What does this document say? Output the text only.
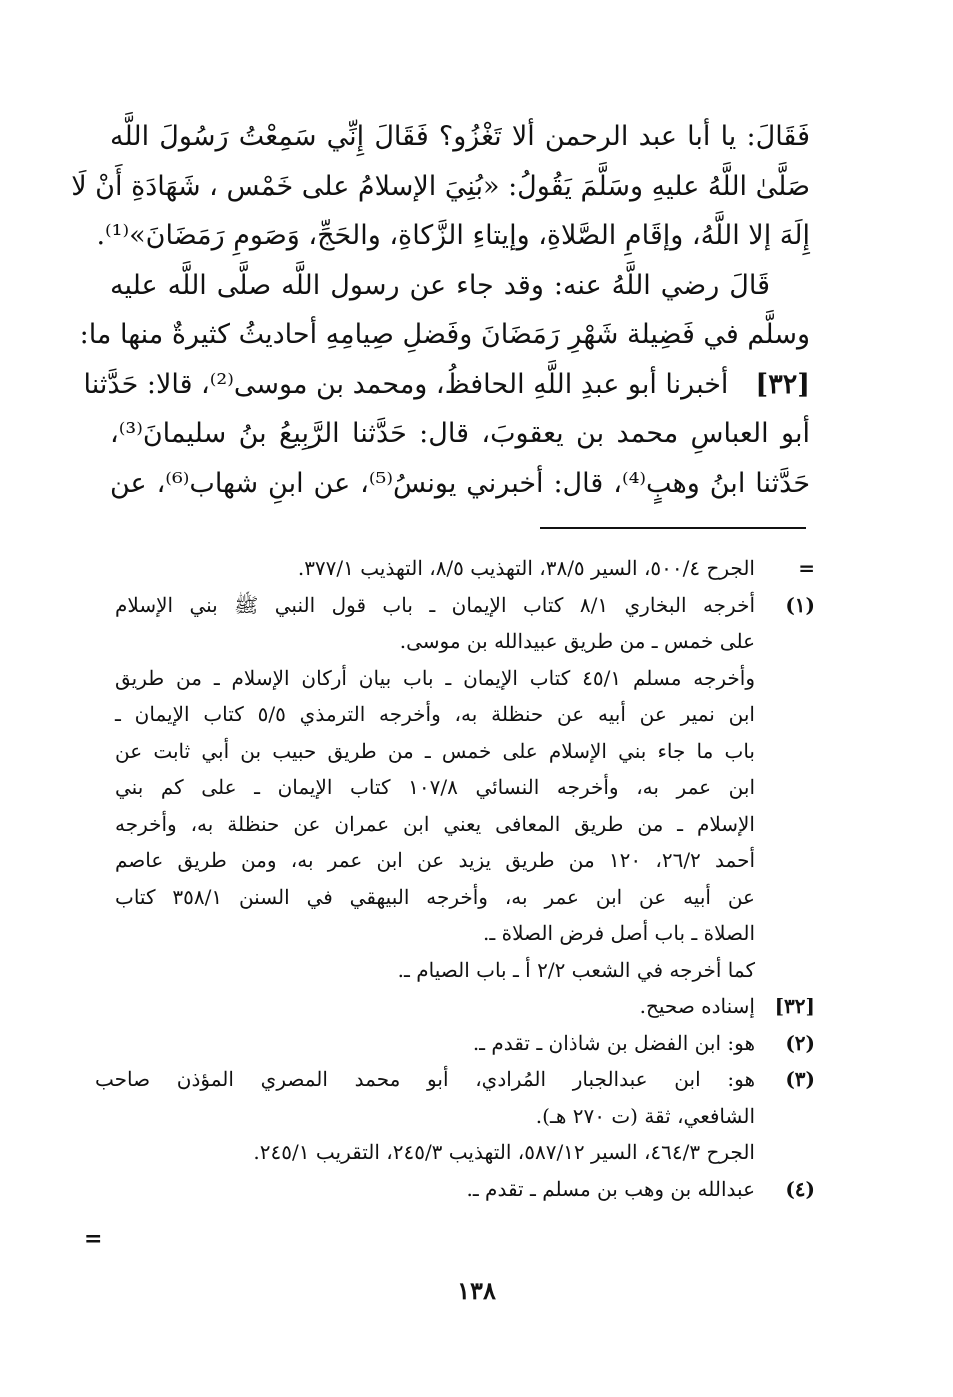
فَقَالَ: يا أبا عبد الرحمن ألا تَغْزُو؟ فَقَالَ إِنِّي سَمِعْتُ رَسُولَ اللَّه
صَلَّىٰ اللَّهُ عليهِ وسَلَّمَ يَقُولُ: «بُنِيَ الإسلامُ على خَمْس ، شَهَادَةِ أَنْ لَا
إِلَهَ إلا اللَّهُ، وإقَامِ الصَّلاةِ، وإيتاءِ الزَّكاةِ، والحَجِّ، وَصَومِ رَمَضَانَ»⁽¹⁾.
قَالَ رضي اللَّهُ عنه: وقد جاء عن رسول اللَّه صلَّى اللَّه عليه
وسلَّم في فَضِيلة شَهْرِ رَمَضَانَ وفَضلِ صِيامِهِ أحاديثُ كثيرةٌ منها ما:
[٣٢] أخبرنا أبو عبدِ اللَّهِ الحافظُ، ومحمد بن موسى⁽²⁾، قالا: حَدَّثنا
أبو العباسِ محمد بن يعقوبَ، قال: حَدَّثنا الرَّبِيعُ بنُ سليمانَ⁽³⁾،
حَدَّثنا ابنُ وهبٍ⁽⁴⁾، قال: أخبرني يونسُ⁽⁵⁾، عن ابنِ شهاب⁽⁶⁾، عن
=
الجرح ٥٠٠/٤، السير ٣٨/٥، التهذيب ٨/٥، التهذيب ٣٧٧/١.
(١)
أخرجه البخاري ٨/١ كتاب الإيمان ـ باب قول النبي ﷺ بني الإسلام
على خمس ـ من طريق عبيدالله بن موسى.
وأخرجه مسلم ٤٥/١ كتاب الإيمان ـ باب بيان أركان الإسلام ـ من طريق
ابن نمير عن أبيه عن حنظلة به، وأخرجه الترمذي ٥/٥ كتاب الإيمان ـ
باب ما جاء بني الإسلام على خمس ـ من طريق حبيب بن أبي ثابت عن
ابن عمر به، وأخرجه النسائي ١٠٧/٨ كتاب الإيمان ـ على كم بني
الإسلام ـ من طريق المعافى يعني ابن عمران عن حنظلة به، وأخرجه
أحمد ٢٦/٢، ١٢٠ من طريق يزيد عن ابن عمر به، ومن طريق عاصم
عن أبيه عن ابن عمر به، وأخرجه البيهقي في السنن ٣٥٨/١ كتاب
الصلاة ـ باب أصل فرض الصلاة ـ.
كما أخرجه في الشعب ٢/٢ أ ـ باب الصيام ـ.
[٣٢]
إسناده صحيح.
(٢)
هو: ابن الفضل بن شاذان ـ تقدم ـ.
(٣)
هو: ابن عبدالجبار المُرادي، أبو محمد المصري المؤذن صاحب
الشافعي، ثقة (ت ٢٧٠ هـ).
الجرح ٤٦٤/٣، السير ٥٨٧/١٢، التهذيب ٢٤٥/٣، التقريب ٢٤٥/١.
(٤)
عبدالله بن وهب بن مسلم ـ تقدم ـ.
=
١٣٨
